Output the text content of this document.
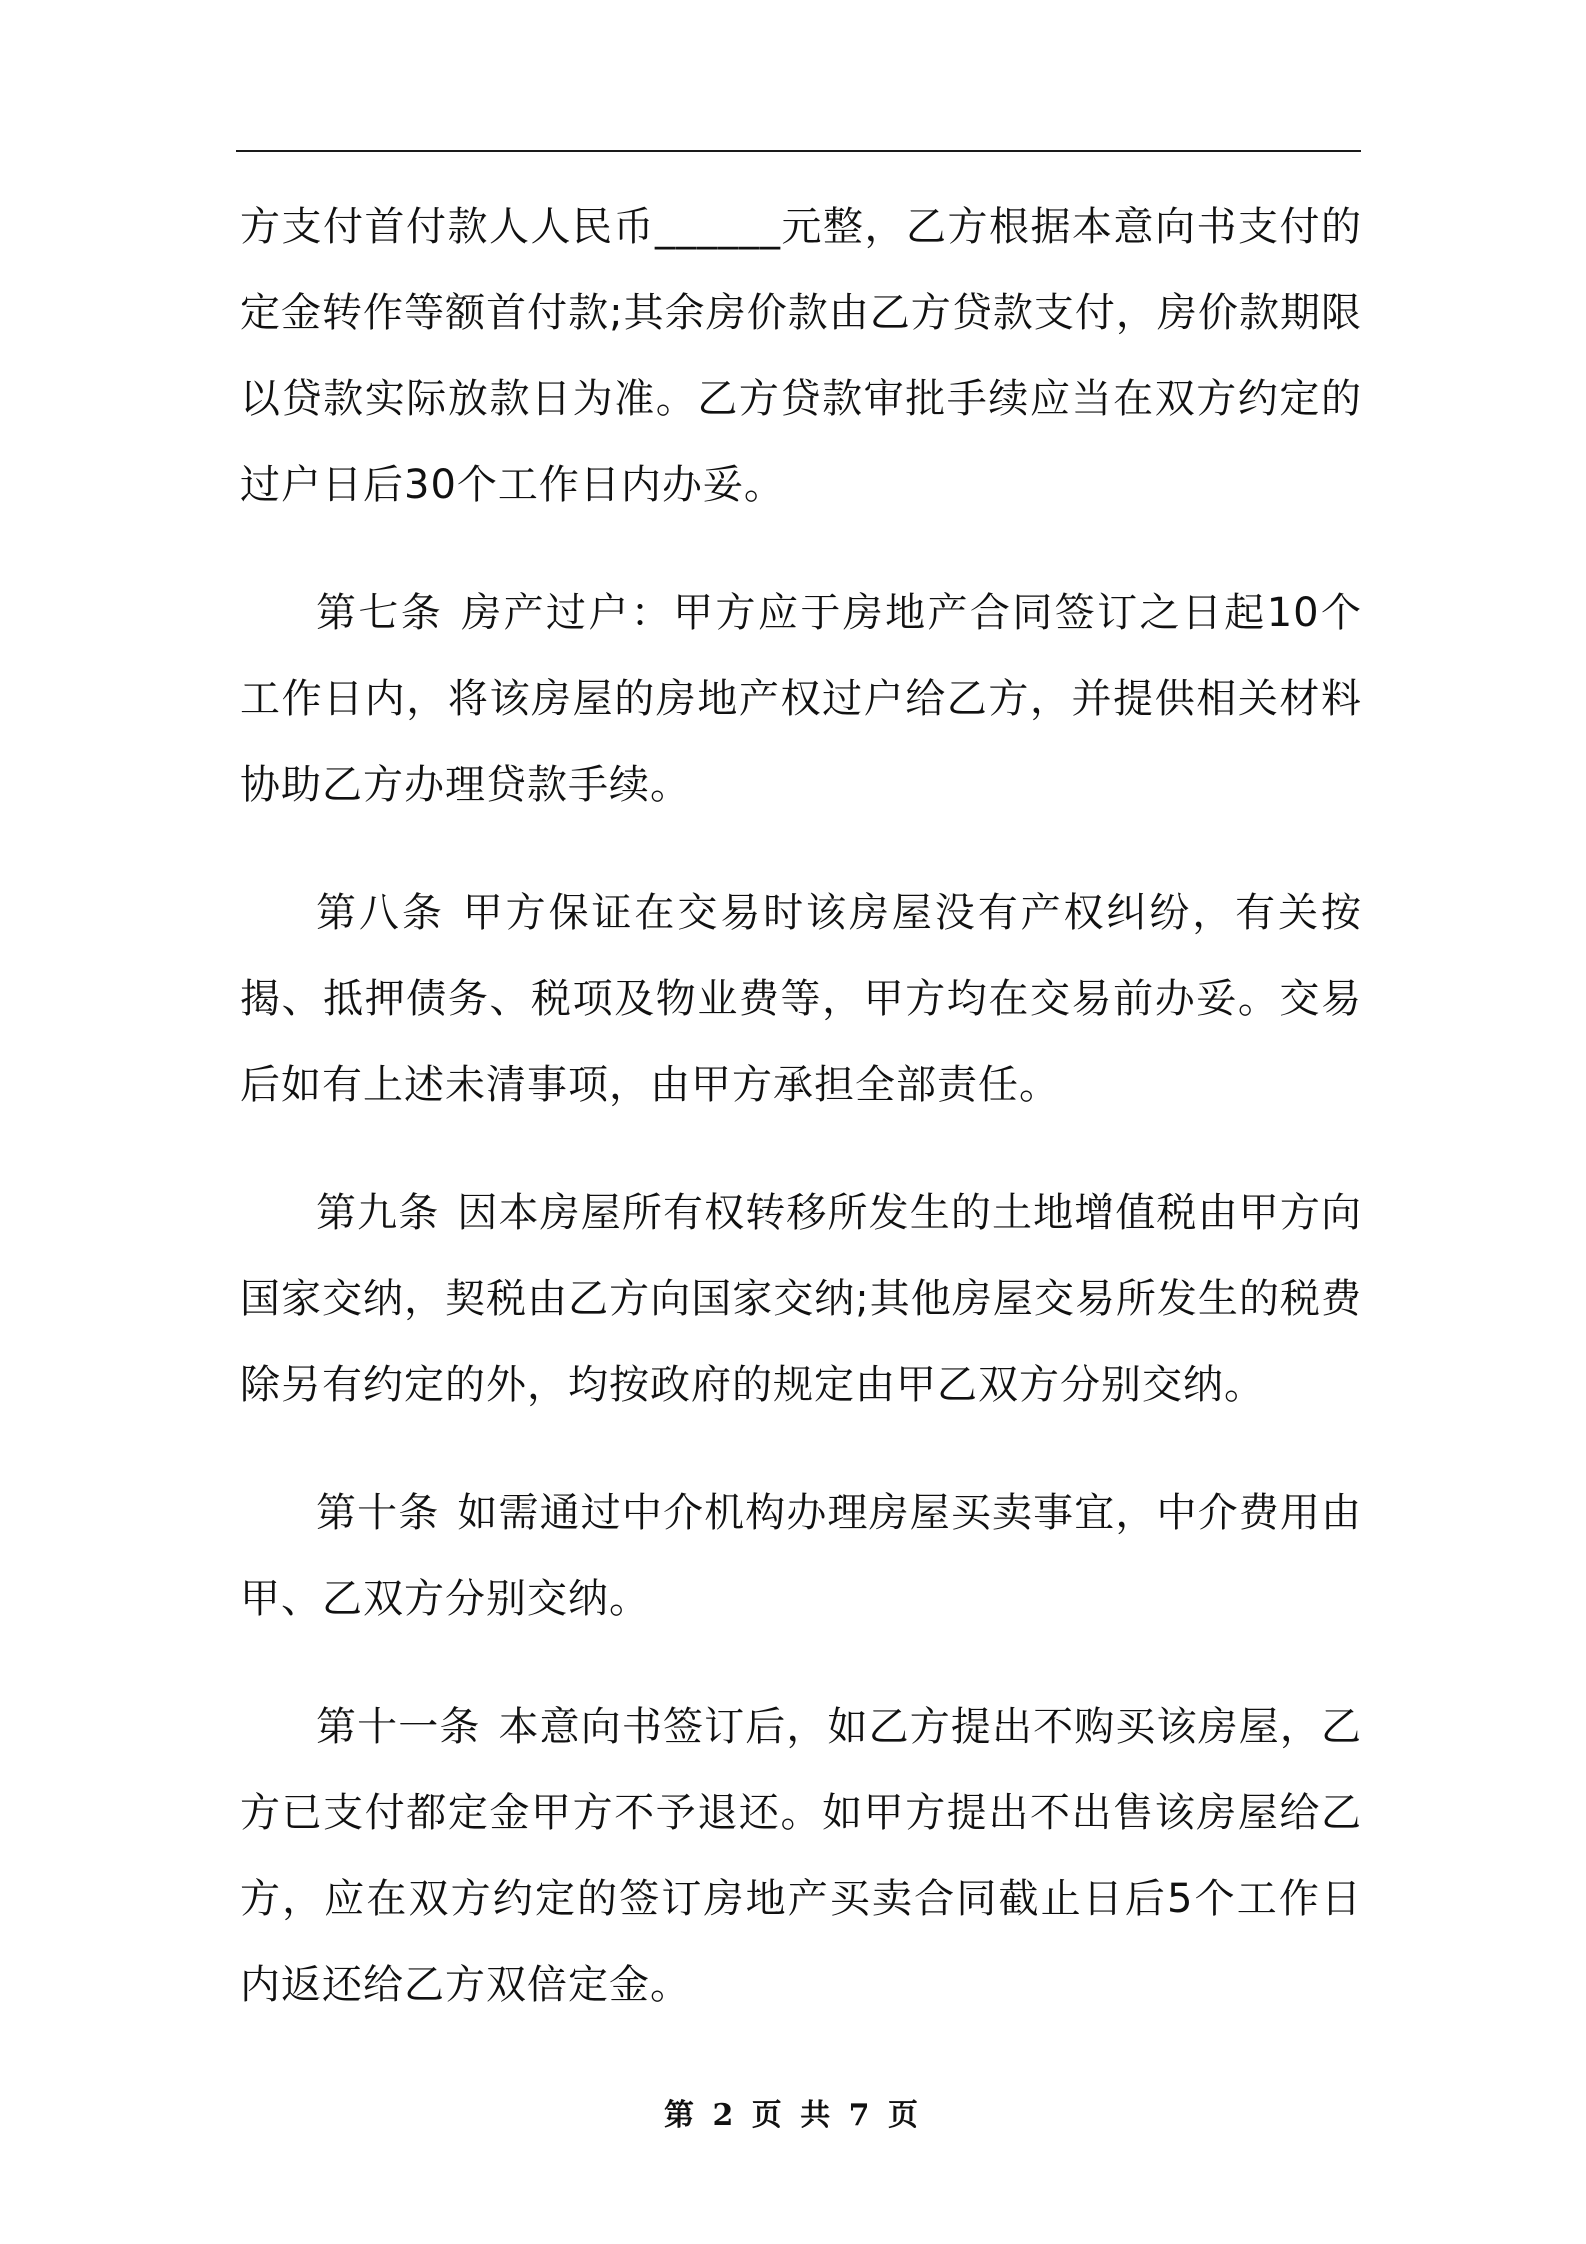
方支付首付款人人民币______元整，乙方根据本意向书支付的定金转作等额首付款;其余房价款由乙方贷款支付，房价款期限以贷款实际放款日为准。乙方贷款审批手续应当在双方约定的过户日后30个工作日内办妥。

第七条 房产过户：甲方应于房地产合同签订之日起10个工作日内，将该房屋的房地产权过户给乙方，并提供相关材料协助乙方办理贷款手续。

第八条 甲方保证在交易时该房屋没有产权纠纷，有关按揭、抵押债务、税项及物业费等，甲方均在交易前办妥。交易后如有上述未清事项，由甲方承担全部责任。

第九条 因本房屋所有权转移所发生的土地增值税由甲方向国家交纳，契税由乙方向国家交纳;其他房屋交易所发生的税费除另有约定的外，均按政府的规定由甲乙双方分别交纳。

第十条 如需通过中介机构办理房屋买卖事宜，中介费用由甲、乙双方分别交纳。

第十一条 本意向书签订后，如乙方提出不购买该房屋，乙方已支付都定金甲方不予退还。如甲方提出不出售该房屋给乙方，应在双方约定的签订房地产买卖合同截止日后5个工作日内返还给乙方双倍定金。

第 2 页 共 7 页
